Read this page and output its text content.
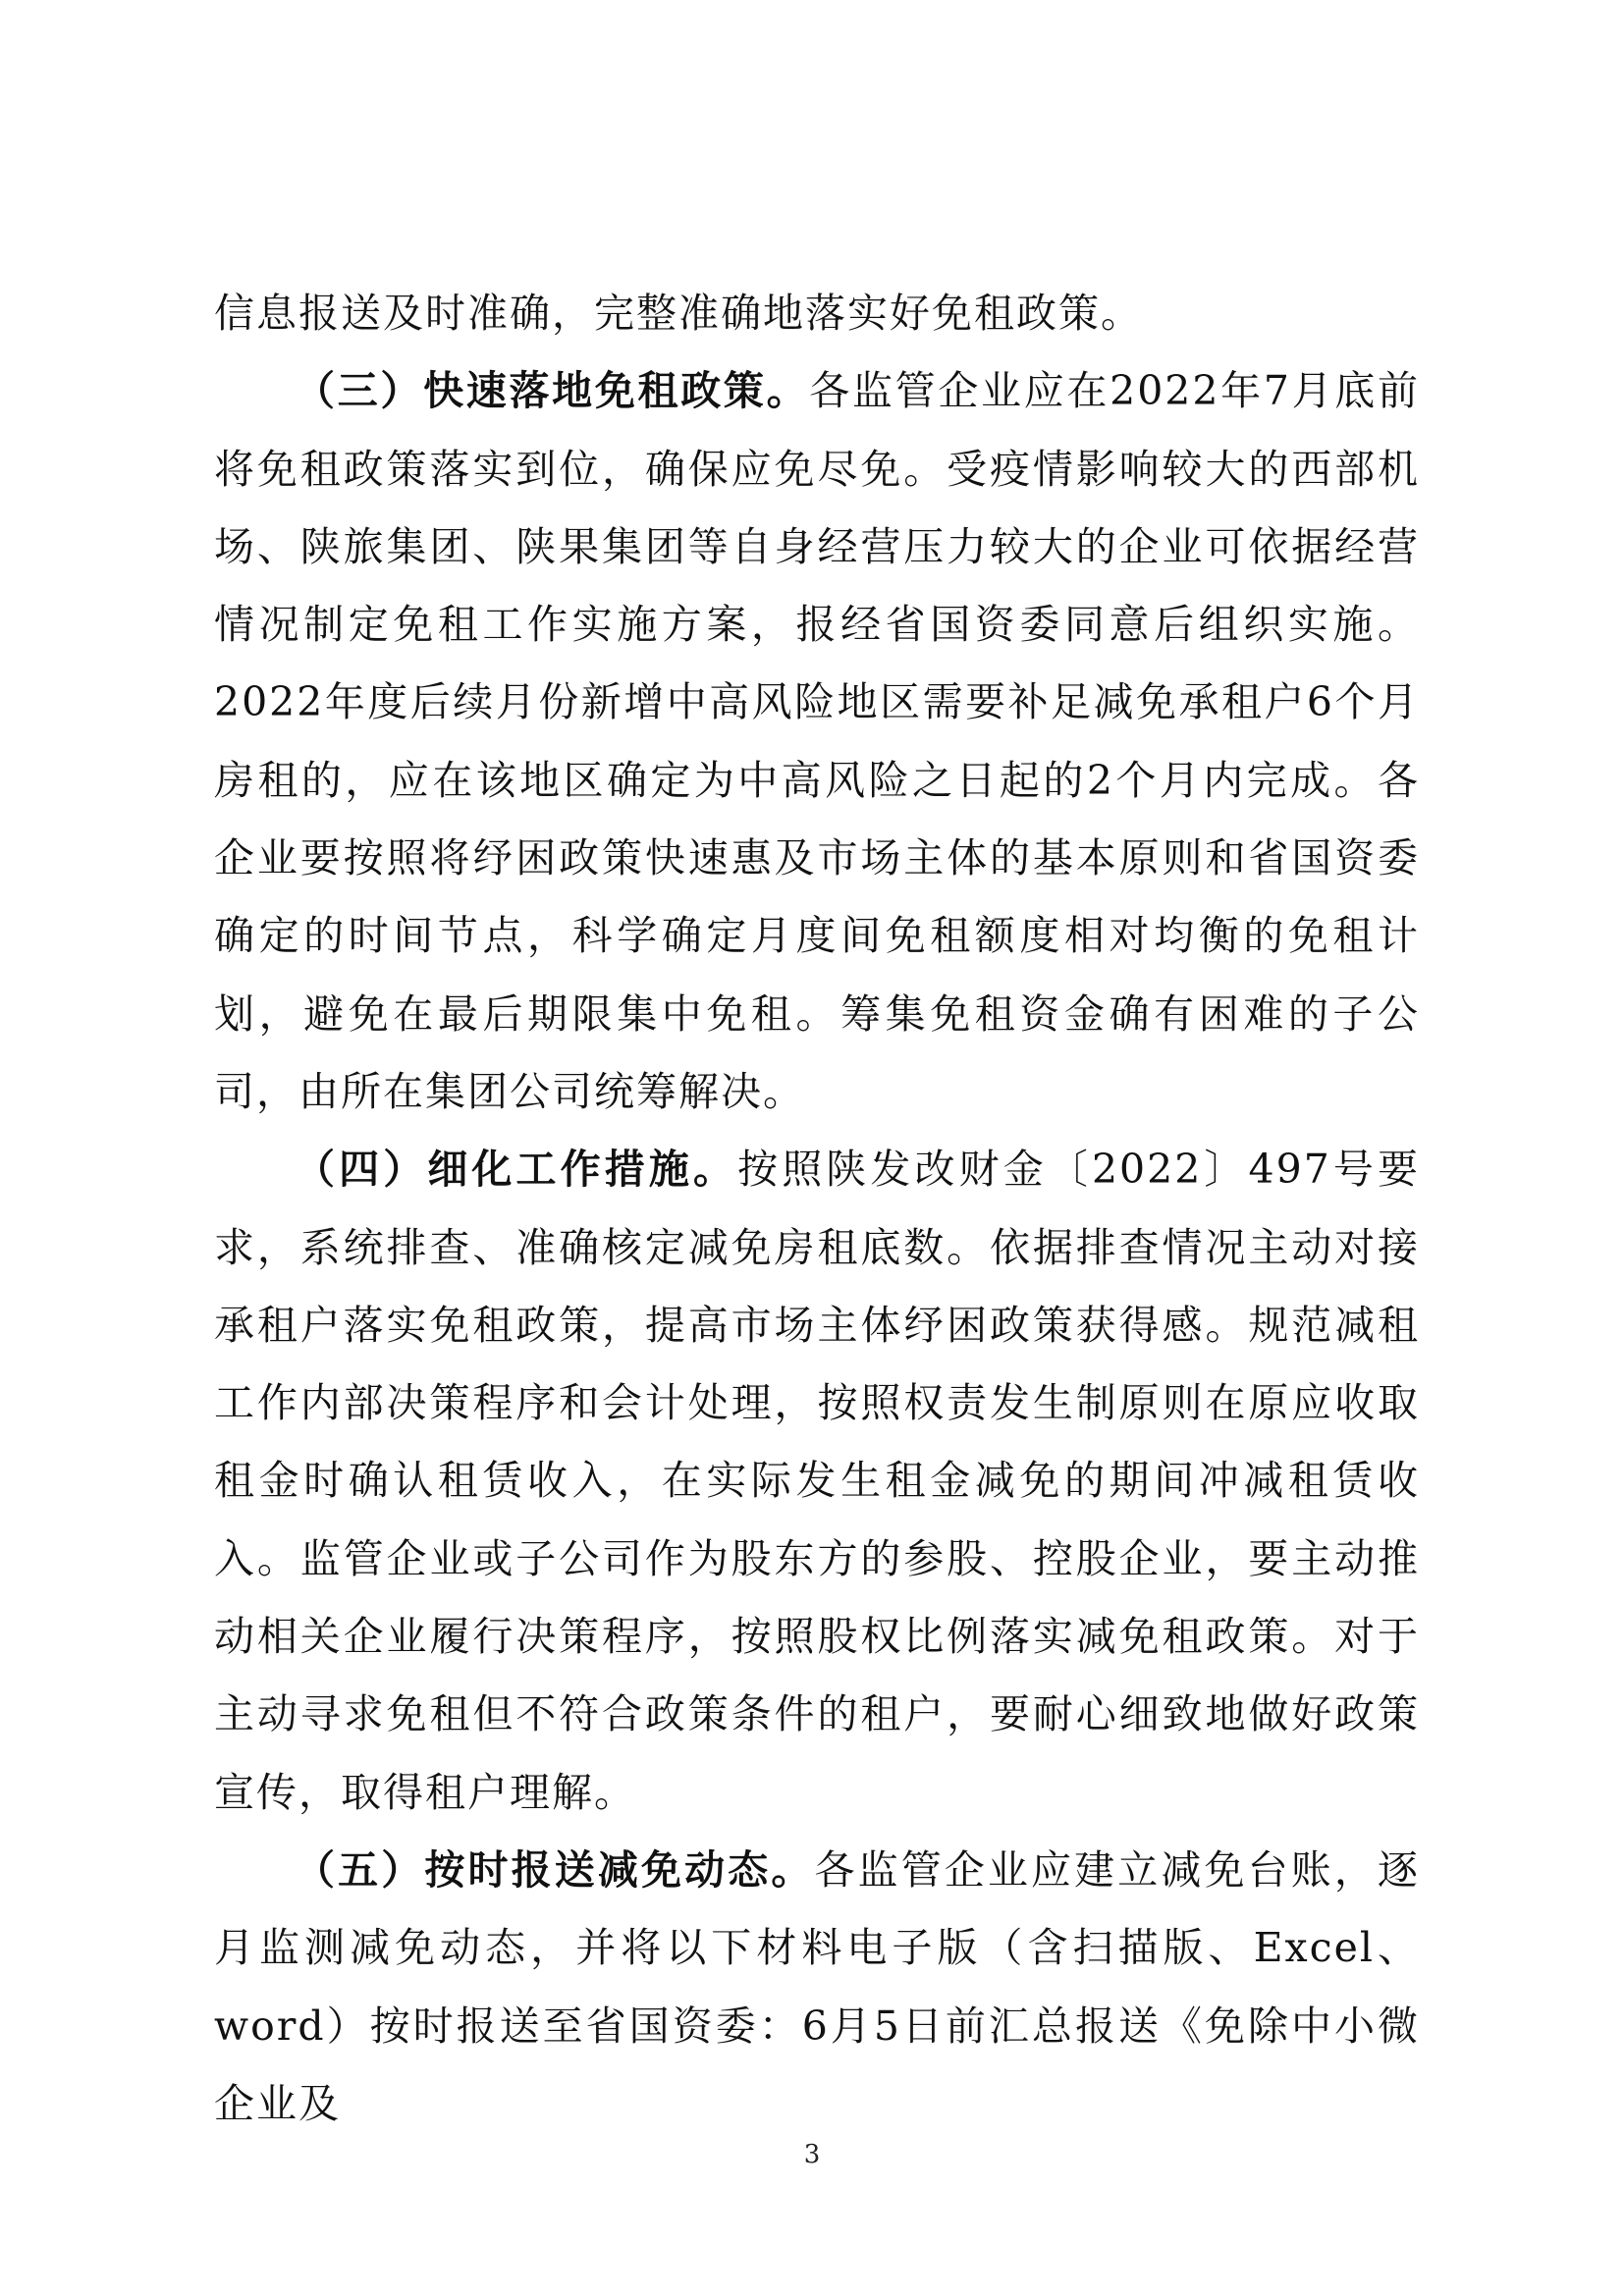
信息报送及时准确，完整准确地落实好免租政策。

（三）快速落地免租政策。各监管企业应在2022年7月底前将免租政策落实到位，确保应免尽免。受疫情影响较大的西部机场、陕旅集团、陕果集团等自身经营压力较大的企业可依据经营情况制定免租工作实施方案，报经省国资委同意后组织实施。2022年度后续月份新增中高风险地区需要补足减免承租户6个月房租的，应在该地区确定为中高风险之日起的2个月内完成。各企业要按照将纾困政策快速惠及市场主体的基本原则和省国资委确定的时间节点，科学确定月度间免租额度相对均衡的免租计划，避免在最后期限集中免租。筹集免租资金确有困难的子公司，由所在集团公司统筹解决。

（四）细化工作措施。按照陕发改财金〔2022〕497号要求，系统排查、准确核定减免房租底数。依据排查情况主动对接承租户落实免租政策，提高市场主体纾困政策获得感。规范减租工作内部决策程序和会计处理，按照权责发生制原则在原应收取租金时确认租赁收入，在实际发生租金减免的期间冲减租赁收入。监管企业或子公司作为股东方的参股、控股企业，要主动推动相关企业履行决策程序，按照股权比例落实减免租政策。对于主动寻求免租但不符合政策条件的租户，要耐心细致地做好政策宣传，取得租户理解。

（五）按时报送减免动态。各监管企业应建立减免台账，逐月监测减免动态，并将以下材料电子版（含扫描版、Excel、word）按时报送至省国资委：6月5日前汇总报送《免除中小微企业及

3
